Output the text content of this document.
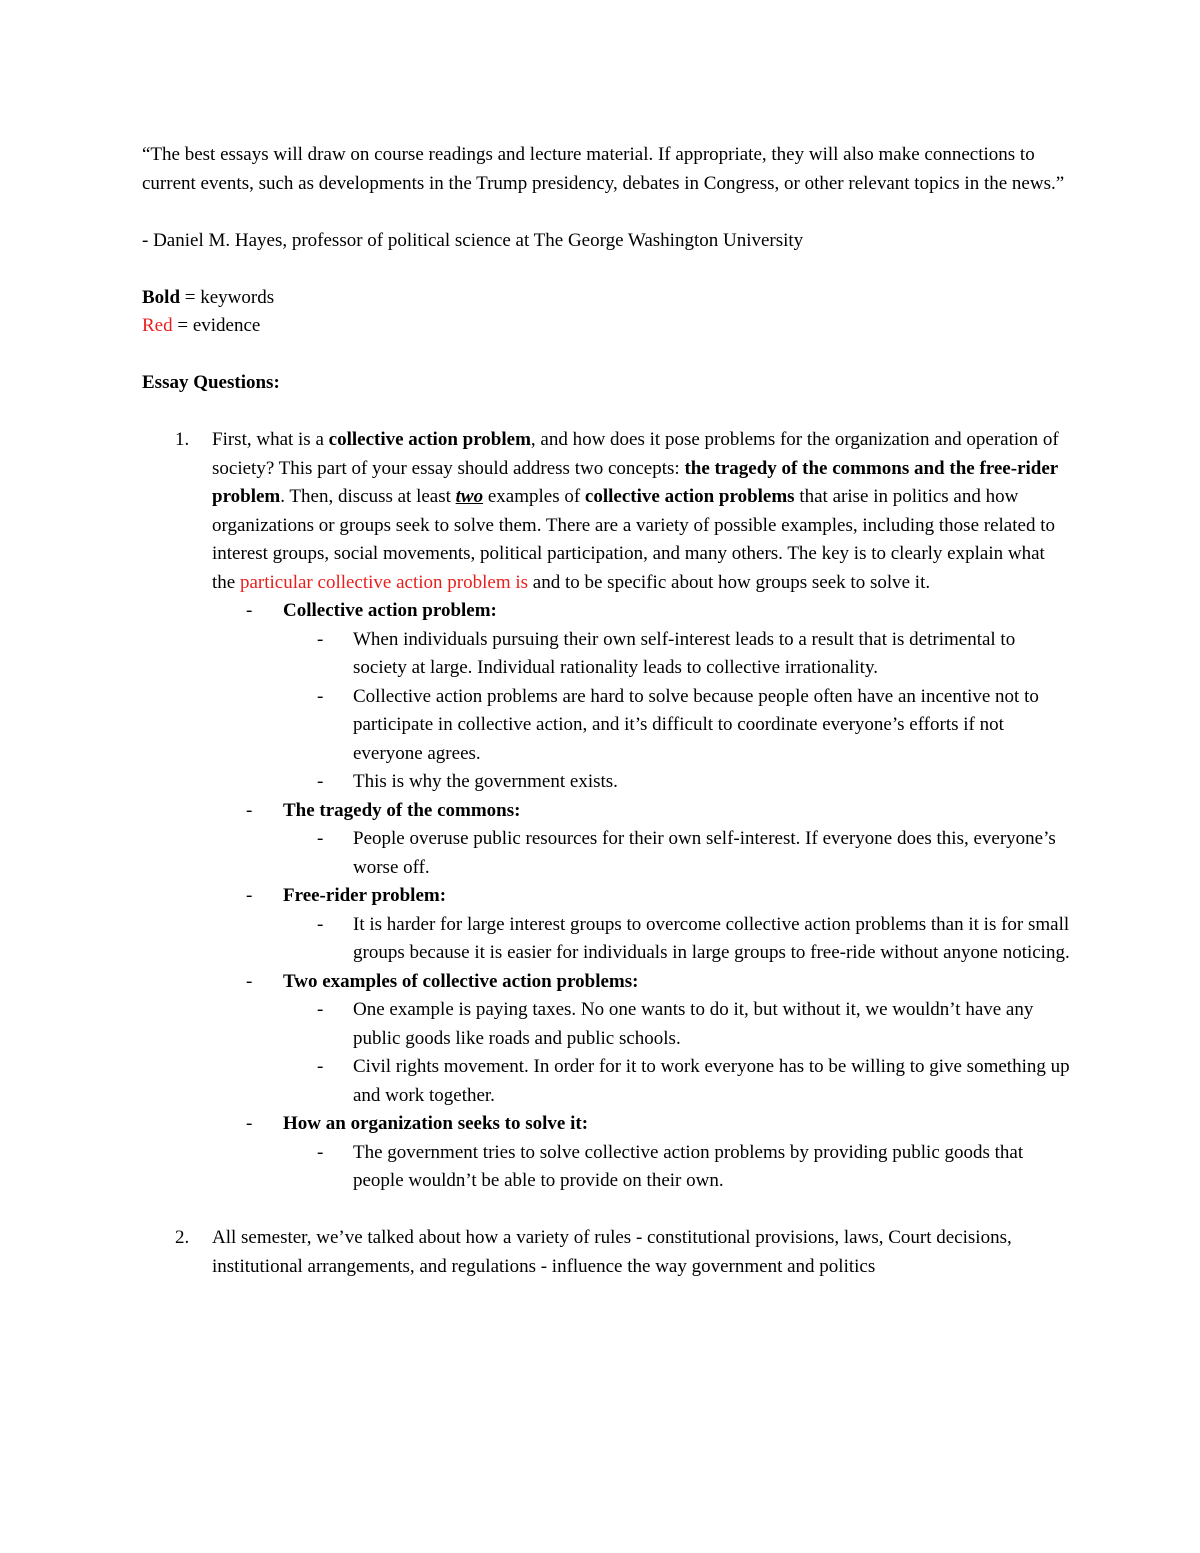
“The best essays will draw on course readings and lecture material. If appropriate, they will also make connections to current events, such as developments in the Trump presidency, debates in Congress, or other relevant topics in the news.”

- Daniel M. Hayes, professor of political science at The George Washington University

Bold = keywords

Red = evidence

Essay Questions:

1. First, what is a collective action problem, and how does it pose problems for the organization and operation of society? This part of your essay should address two concepts: the tragedy of the commons and the free-rider problem. Then, discuss at least two examples of collective action problems that arise in politics and how organizations or groups seek to solve them. There are a variety of possible examples, including those related to interest groups, social movements, political participation, and many others. The key is to clearly explain what the particular collective action problem is and to be specific about how groups seek to solve it.

- Collective action problem:
- When individuals pursuing their own self-interest leads to a result that is detrimental to society at large. Individual rationality leads to collective irrationality.

- Collective action problems are hard to solve because people often have an incentive not to participate in collective action, and it’s difficult to coordinate everyone’s efforts if not everyone agrees.

- This is why the government exists.

- The tragedy of the commons:
- People overuse public resources for their own self-interest. If everyone does this, everyone’s worse off.

- Free-rider problem:
- It is harder for large interest groups to overcome collective action problems than it is for small groups because it is easier for individuals in large groups to free-ride without anyone noticing.

- Two examples of collective action problems:
- One example is paying taxes. No one wants to do it, but without it, we wouldn’t have any public goods like roads and public schools.

- Civil rights movement. In order for it to work everyone has to be willing to give something up and work together.

- How an organization seeks to solve it:
- The government tries to solve collective action problems by providing public goods that people wouldn’t be able to provide on their own.

2. All semester, we’ve talked about how a variety of rules - constitutional provisions, laws, Court decisions, institutional arrangements, and regulations - influence the way government and politics
